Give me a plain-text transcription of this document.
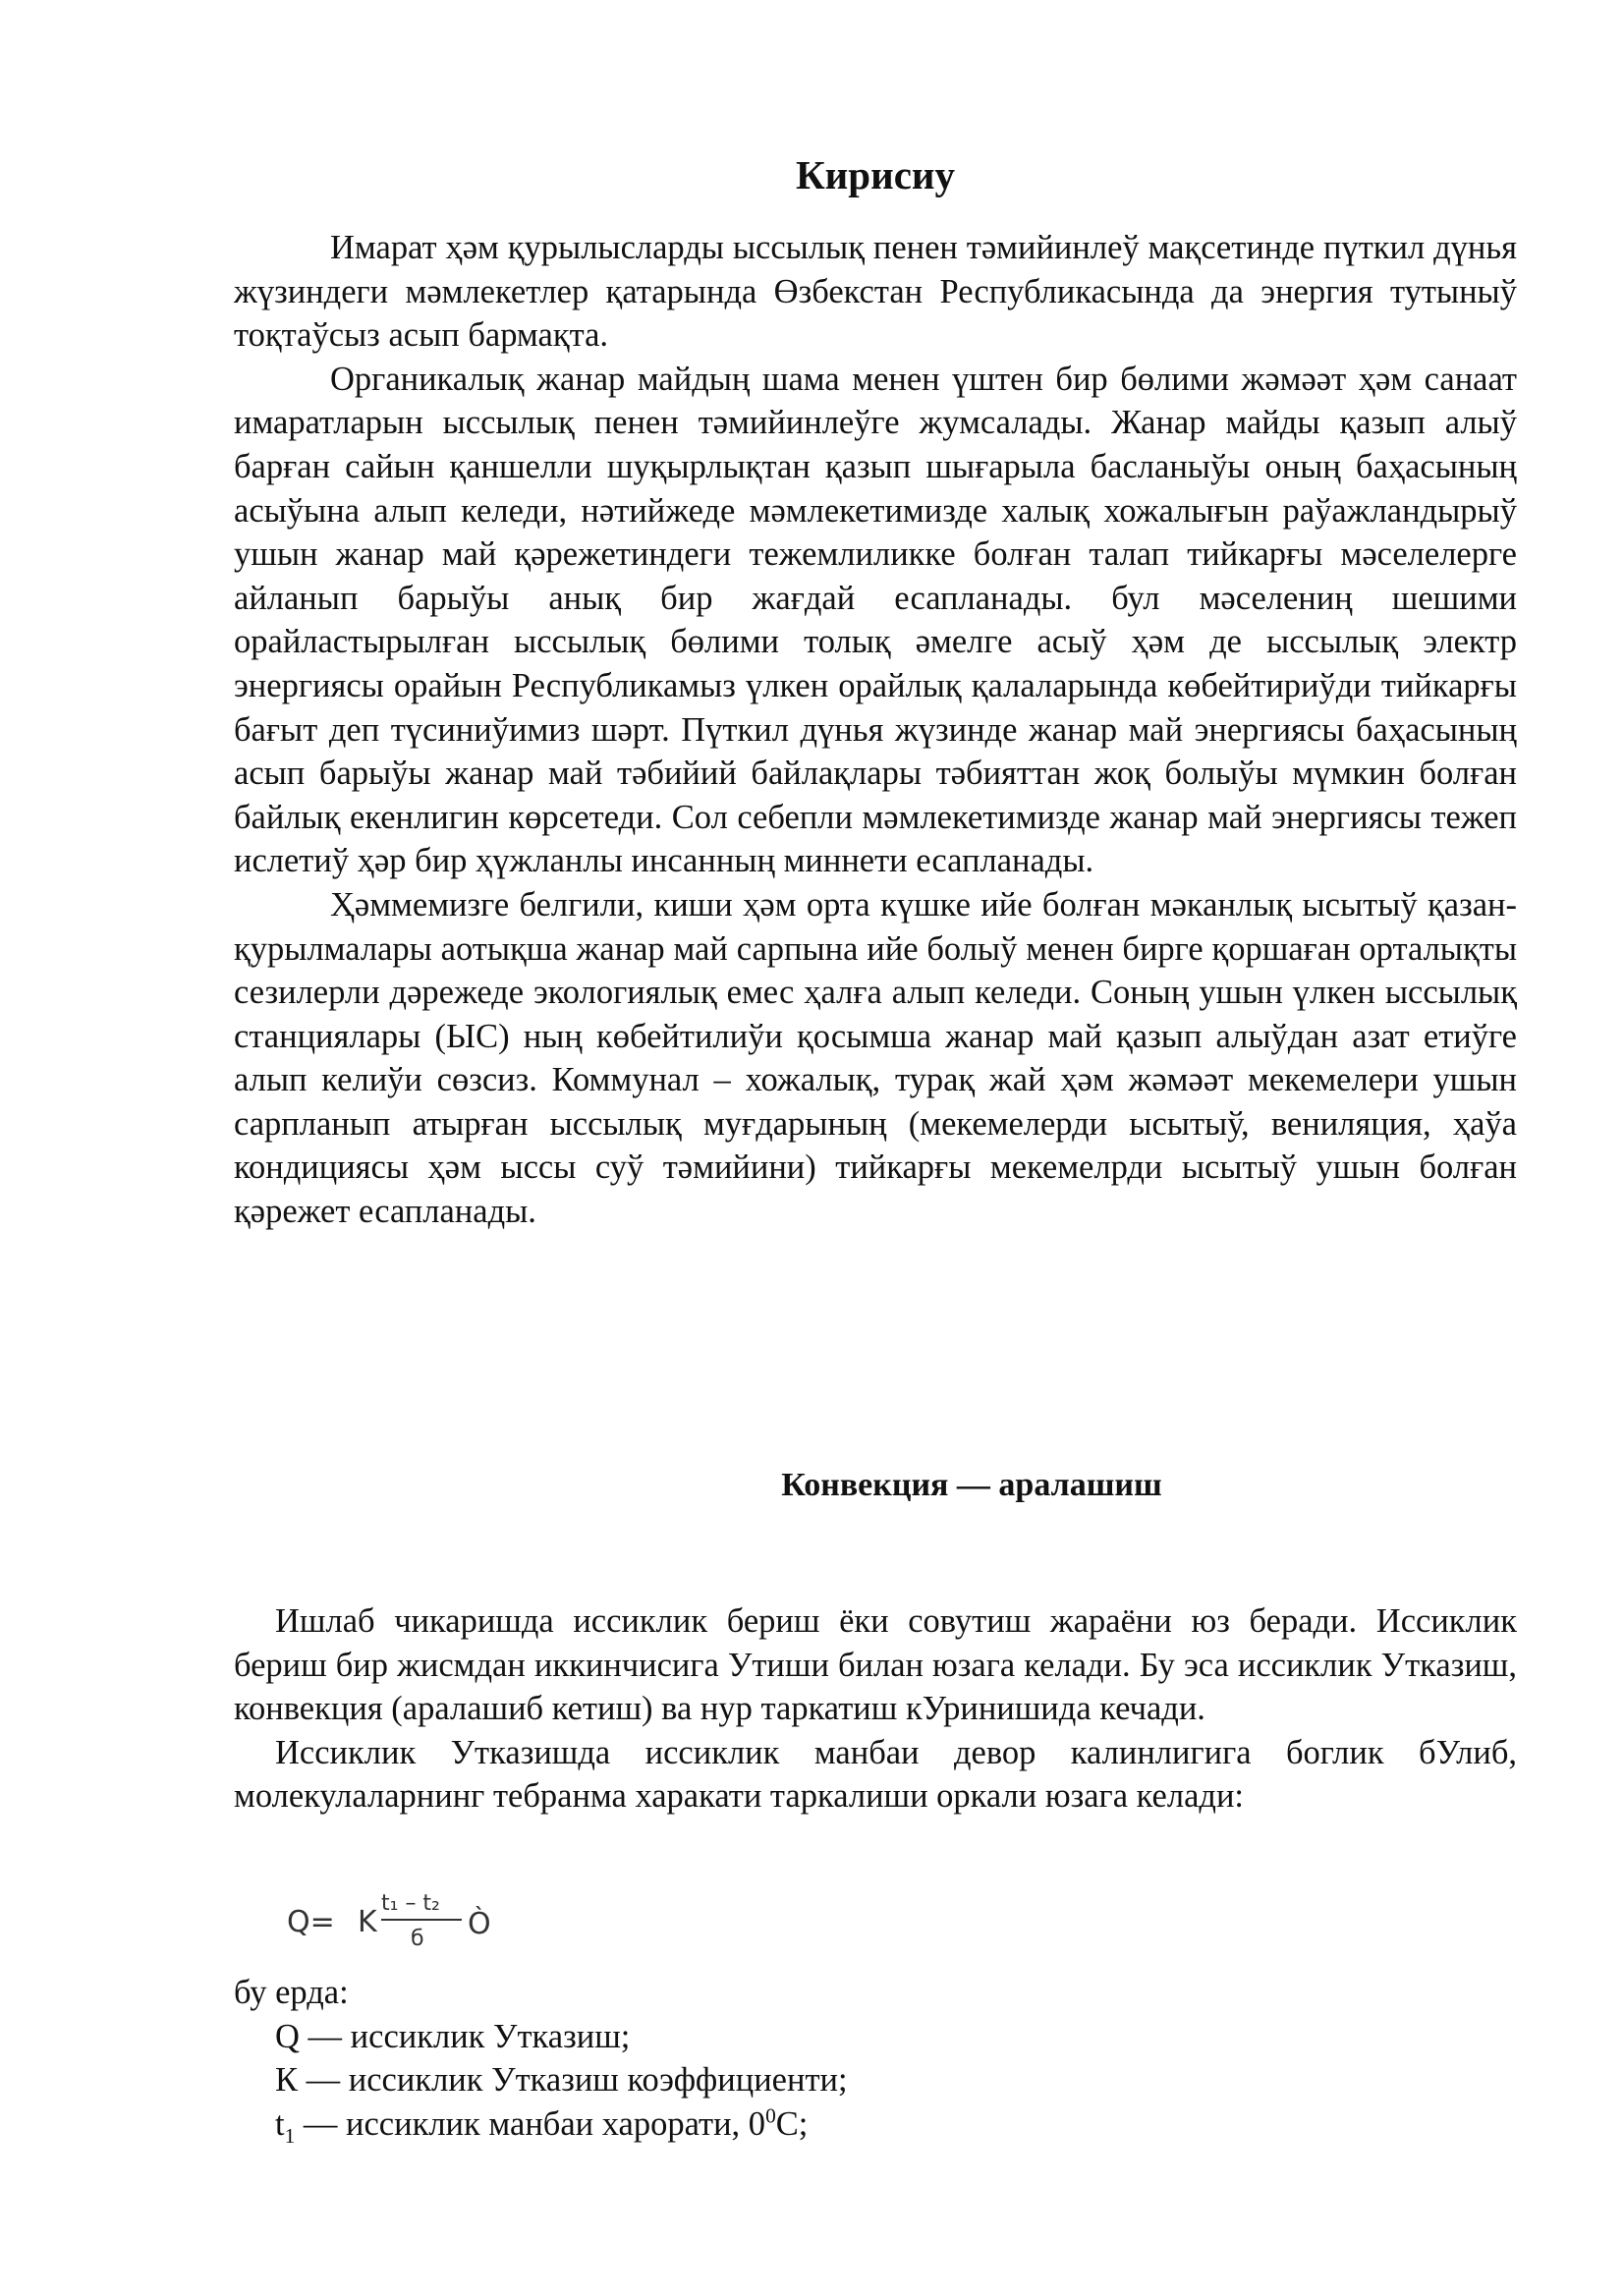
Кирисиу

Имарат ҳәм қурылысларды ыссылық пенен тәмийинлеў мақсетинде пүткил дүнья жүзиндеги мәмлекетлер қатарында Өзбекстан Республикасында да энергия тутыныў тоқтаўсыз асып бармақта.

Органикалық жанар майдың шама менен үштен бир бөлими жәмәәт ҳәм санаат имаратларын ыссылық пенен тәмийинлеўге жумсалады. Жанар майды қазып алыў барған сайын қаншелли шуқырлықтан қазып шығарыла басланыўы оның баҳасының асыўына алып келеди, нәтийжеде мәмлекетимизде халық хожалығын раўажландырыў ушын жанар май қәрежетиндеги тежемлиликке болған талап тийкарғы мәселелерге айланып барыўы анық бир жағдай есапланады. бул мәселениң шешими орайластырылған ыссылық бөлими толық әмелге асыў ҳәм де ыссылық электр энергиясы орайын Республикамыз үлкен орайлық қалаларында көбейтириўди тийкарғы бағыт деп түсиниўимиз шәрт. Пүткил дүнья жүзинде жанар май энергиясы баҳасының асып барыўы жанар май тәбийий байлақлары тәбияттан жоқ болыўы мүмкин болған байлық екенлигин көрсетеди. Сол себепли мәмлекетимизде жанар май энергиясы тежеп ислетиў ҳәр бир ҳүжланлы инсанның миннети есапланады.

Ҳәммемизге белгили, киши ҳәм орта күшке ийе болған мәканлық ысытыў қазан-қурылмалары аотықша жанар май сарпына ийе болыў менен бирге қоршаған орталықты сезилерли дәрежеде экологиялық емес ҳалға алып келеди. Соның ушын үлкен ыссылық станциялары (ЫС) ның көбейтилиўи қосымша жанар май қазып алыўдан азат етиўге алып келиўи сөзсиз. Коммунал – хожалық, турақ жай ҳәм жәмәәт мекемелери ушын сарпланып атырған ыссылық муғдарының (мекемелерди ысытыў, вениляция, ҳаўа кондициясы ҳәм ыссы суў тәмийини) тийкарғы мекемелрди ысытыў ушын болған қәрежет есапланады.

Конвекция — аралашиш

Ишлаб чикаришда иссиклик бериш ёки совутиш жараёни юз беради. Иссиклик бериш бир жисмдан иккинчисига Утиши билан юзага келади. Бу эса иссиклик Утказиш, конвекция (аралашиб кетиш) ва нур таркатиш кУринишида кечади.

Иссиклик Утказишда иссиклик манбаи девор калинлигига боглик бУлиб, молекулаларнинг тебранма харакати таркалиши оркали юзага келади:

Q= K
t₁ – t₂
б Ò

бу ерда:

Q — иссиклик Утказиш;

К — иссиклик Утказиш коэффициенти;

$t_1$ — иссиклик манбаи харорати, $0^0С$;
